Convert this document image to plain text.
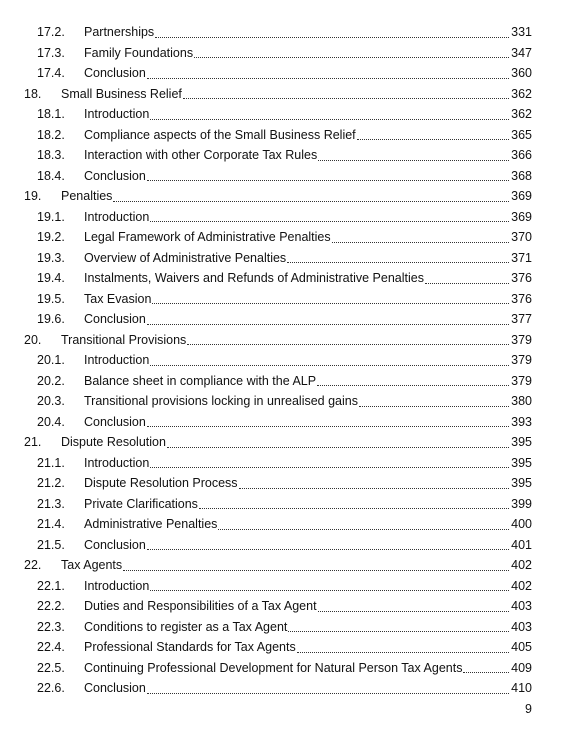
17.2. Partnerships	331
17.3. Family Foundations	347
17.4. Conclusion	360
18. Small Business Relief	362
18.1. Introduction	362
18.2. Compliance aspects of the Small Business Relief	365
18.3. Interaction with other Corporate Tax Rules	366
18.4. Conclusion	368
19. Penalties	369
19.1. Introduction	369
19.2. Legal Framework of Administrative Penalties	370
19.3. Overview of Administrative Penalties	371
19.4. Instalments, Waivers and Refunds of Administrative Penalties	376
19.5. Tax Evasion	376
19.6. Conclusion	377
20. Transitional Provisions	379
20.1. Introduction	379
20.2. Balance sheet in compliance with the ALP	379
20.3. Transitional provisions locking in unrealised gains	380
20.4. Conclusion	393
21. Dispute Resolution	395
21.1. Introduction	395
21.2. Dispute Resolution Process	395
21.3. Private Clarifications	399
21.4. Administrative Penalties	400
21.5. Conclusion	401
22. Tax Agents	402
22.1. Introduction	402
22.2. Duties and Responsibilities of a Tax Agent	403
22.3. Conditions to register as a Tax Agent	403
22.4. Professional Standards for Tax Agents	405
22.5. Continuing Professional Development for Natural Person Tax Agents	409
22.6. Conclusion	410
9
